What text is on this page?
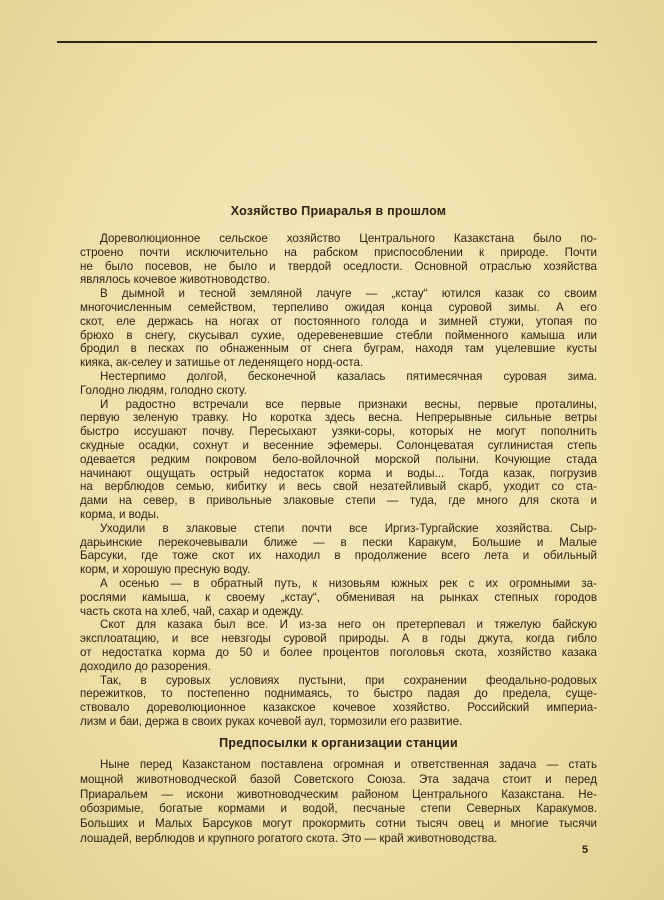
Хозяйство Приаралья в прошлом
Дореволюционное сельское хозяйство Центрального Казакстана было по-
строено почти исключительно на рабском приспособлении к природе. Почти
не было посевов, не было и твердой оседлости. Основной отраслью хозяйства
являлось кочевое животноводство.
В дымной и тесной земляной лачуге — „кстау“ ютился казак со своим
многочисленным семейством, терпеливо ожидая конца суровой зимы. А его
скот, еле держась на ногах от постоянного голода и зимней стужи, утопая по
брюхо в снегу, скусывал сухие, одеревеневшие стебли пойменного камыша или
бродил в песках по обнаженным от снега буграм, находя там уцелевшие кусты
кияка, ак-селеу и затишье от леденящего норд-оста.
Нестерпимо долгой, бесконечной казалась пятимесячная суровая зима.
Голодно людям, голодно скоту.
И радостно встречали все первые признаки весны, первые проталины,
первую зеленую травку. Но коротка здесь весна. Непрерывные сильные ветры
быстро иссушают почву. Пересыхают узяки-соры, которых не могут пополнить
скудные осадки, сохнут и весенние эфемеры. Солонцеватая суглинистая степь
одевается редким покровом бело-войлочной морской полыни. Кочующие стада
начинают ощущать острый недостаток корма и воды... Тогда казак, погрузив
на верблюдов семью, кибитку и весь свой незатейливый скарб, уходит со ста-
дами на север, в привольные злаковые степи — туда, где много для скота и
корма, и воды.
Уходили в злаковые степи почти все Иргиз-Тургайские хозяйства. Сыр-
дарьинские перекочевывали ближе — в пески Каракум, Большие и Малые
Барсуки, где тоже скот их находил в продолжение всего лета и обильный
корм, и хорошую пресную воду.
А осенью — в обратный путь, к низовьям южных рек с их огромными за-
рослями камыша, к своему „кстау“, обменивая на рынках степных городов
часть скота на хлеб, чай, сахар и одежду.
Скот для казака был все. И из-за него он претерпевал и тяжелую байскую
эксплоатацию, и все невзгоды суровой природы. А в годы джута, когда гибло
от недостатка корма до 50 и более процентов поголовья скота, хозяйство казака
доходило до разорения.
Так, в суровых условиях пустыни, при сохранении феодально-родовых
пережитков, то постепенно поднимаясь, то быстро падая до предела, суще-
ствовало дореволюционное казакское кочевое хозяйство. Российский империа-
лизм и баи, держа в своих руках кочевой аул, тормозили его развитие.
Предпосылки к организации станции
Ныне перед Казакстаном поставлена огромная и ответственная задача — стать
мощной животноводческой базой Советского Союза. Эта задача стоит и перед
Приаральем — искони животноводческим районом Центрального Казакстана. Не-
обозримые, богатые кормами и водой, песчаные степи Северных Каракумов.
Больших и Малых Барсуков могут прокормить сотни тысяч овец и многие тысячи
лошадей, верблюдов и крупного рогатого скота. Это — край животноводства.
5
